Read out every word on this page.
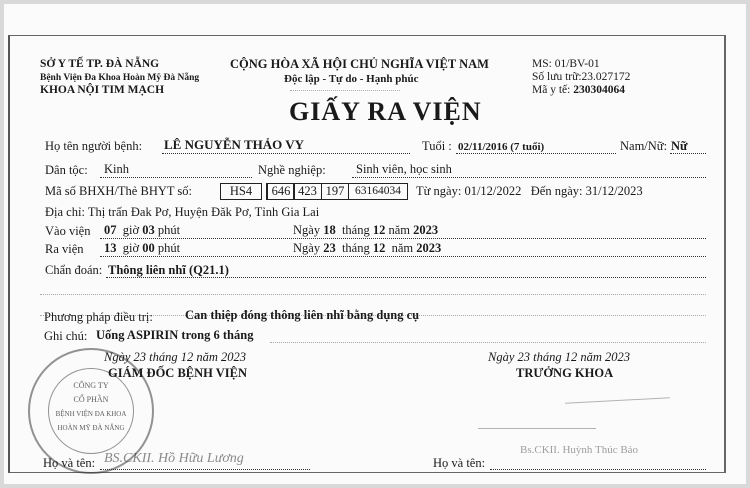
SỞ Y TẾ TP. ĐÀ NẴNG
Bệnh Viện Đa Khoa Hoàn Mỹ Đà Nẵng
KHOA NỘI TIM MẠCH
CỘNG HÒA XÃ HỘI CHỦ NGHĨA VIỆT NAM
Độc lập - Tự do - Hạnh phúc
GIẤY RA VIỆN
MS: 01/BV-01
Số lưu trữ:23.027172
Mã y tế: 230304064
Họ tên người bệnh: LÊ NGUYỄN THẢO VY	Tuổi : 02/11/2016 (7 tuổi)	Nam/Nữ: Nữ
Dân tộc: Kinh	Nghề nghiệp: Sinh viên, học sinh
Mã số BHXH/Thẻ BHYT số:	HS4	646 423 197 63164034	Từ ngày: 01/12/2022 Đến ngày: 31/12/2023
Địa chỉ: Thị trấn Đak Pơ, Huyện Đăk Pơ, Tỉnh Gia Lai
Vào viện 07 giờ 03 phút	Ngày 18 tháng 12 năm 2023
Ra viện 13 giờ 00 phút	Ngày 23 tháng 12 năm 2023
Chẩn đoán: Thông liên nhĩ (Q21.1)
Phương pháp điều trị:	Can thiệp đóng thông liên nhĩ bằng dụng cụ
Ghi chú: Uống ASPIRIN trong 6 tháng
CÔNG TY
CỔ PHẦN
BỆNH VIỆN ĐA KHOA
HOÀN MỸ ĐÀ NẴNG
Ngày 23 tháng 12 năm 2023
GIÁM ĐỐC BỆNH VIỆN
Họ và tên: BS.CKII. Hồ Hữu Lương
Ngày 23 tháng 12 năm 2023
TRƯỞNG KHOA
Họ và tên:
Bs.CKII. Huỳnh Thúc Bảo
